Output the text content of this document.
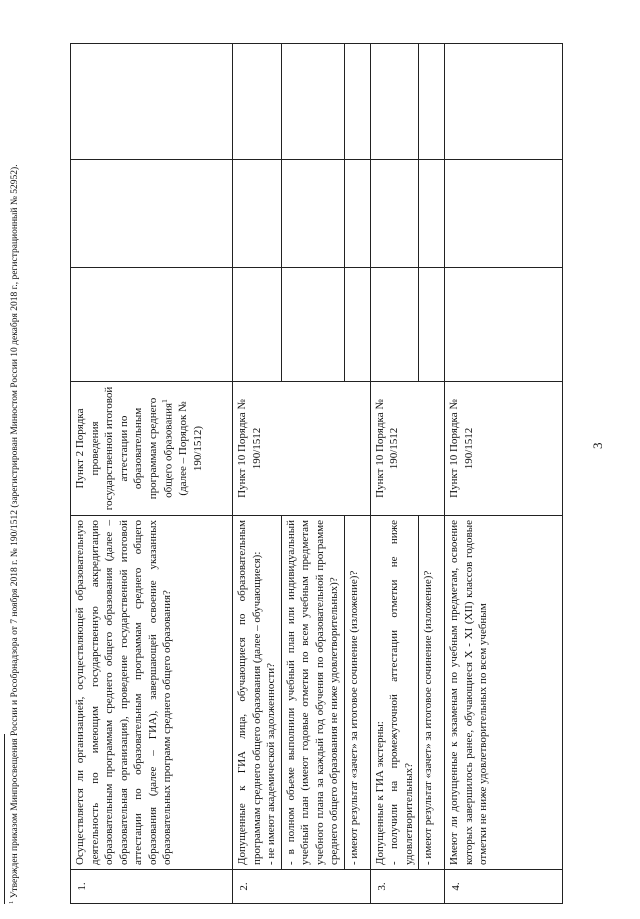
3
1.	Осуществляется ли организацией, осуществляющей образовательную деятельность по имеющим государственную аккредитацию образовательным программам среднего общего образования (далее – образовательная организация), проведение государственной итоговой аттестации по образовательным программам среднего общего образования (далее – ГИА), завершающей освоение указанных образовательных программ среднего общего образования?	Пункт 2 Порядка проведения государственной итоговой аттестации по образовательным программам среднего общего образования$^1$ (далее – Порядок № 190/1512)			
2.	Допущенные к ГИА лица, обучающиеся по образовательным программам среднего общего образования (далее – обучающиеся): - не имеют академической задолженности?	Пункт 10 Порядка № 190/1512			
	- в полном объеме выполнили учебный план или индивидуальный учебный план (имеют годовые отметки по всем учебным предметам учебного плана за каждый год обучения по образовательной программе среднего общего образования не ниже удовлетворительных)?				
	- имеют результат «зачет» за итоговое сочинение (изложение)?				
3.	Допущенные к ГИА экстерны: - получили на промежуточной аттестации отметки не ниже удовлетворительных?	Пункт 10 Порядка № 190/1512			
	- имеют результат «зачет» за итоговое сочинение (изложение)?				
4.	Имеют ли допущенные к экзаменам по учебным предметам, освоение которых завершилось ранее, обучающиеся X - XI (XII) классов годовые отметки не ниже удовлетворительных по всем учебным	Пункт 10 Порядка № 190/1512			
$^1$ Утвержден приказом Минпросвещения России и Рособрнадзора от 7 ноября 2018 г. № 190/1512 (зарегистрирован Минюстом России 10 декабря 2018 г., регистрационный № 52952).
